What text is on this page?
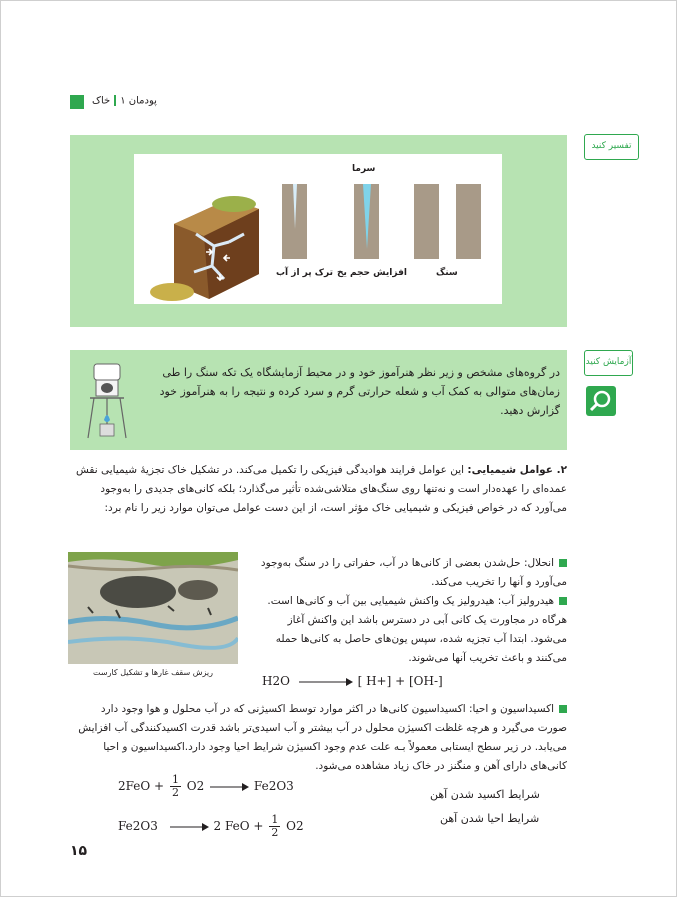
پودمان ۱خاک
تفسیر کنید
سرما
ترک پر از آب افزایش حجم یخ	سنگ
آزمایش کنید
در گروه‌های مشخص و زیر نظر هنرآموز خود و در محیط آزمایشگاه یک تکه سنگ را طی زمان‌های متوالی به کمک آب و شعله حرارتی گرم و سرد کرده و نتیجه را به هنرآموز خود گزارش دهید.
۲. عوامل شیمیایی: این عوامل فرایند هوادیدگی فیزیکی را تکمیل می‌کند. در تشکیل خاک تجزیهٔ شیمیایی نقش عمده‌ای را عهده‌دار است و نه‌تنها روی سنگ‌های متلاشی‌شده تأثیر می‌گذارد؛ بلکه کانی‌های جدیدی را به‌وجود می‌آورد که در خواص فیزیکی و شیمیایی خاک مؤثر است، از این دست عوامل می‌توان موارد زیر را نام برد:
ریزش سقف غارها و تشکیل کارست
انحلال: حل‌شدن بعضی از کانی‌ها در آب، حفراتی را در سنگ به‌وجود می‌آورد و آنها را تخریب می‌کند.
هیدرولیز آب: هیدرولیز یک واکنش شیمیایی بین آب و کانی‌ها است. هرگاه در مجاورت یک کانی آبی در دسترس باشد این واکنش آغاز می‌شود. ابتدا آب تجزیه شده، سپس یون‌های حاصل به کانی‌ها حمله می‌کنند و باعث تخریب آنها می‌شوند.
H2O	[ H+] + [OH-]
اکسیداسیون و احیا: اکسیداسیون کانی‌ها در اکثر موارد توسط اکسیژنی که در آب محلول و هوا وجود دارد صورت می‌گیرد و هرچه غلظت اکسیژن محلول در آب بیشتر و آب اسیدی‌تر باشد قدرت اکسیدکنندگی آب افزایش می‌یابد. در زیر سطح ایستابی معمولاً بـه علت عدم وجود اکسیژن شرایط احیا وجود دارد.اکسیداسیون و احیا کانی‌های دارای آهن و منگنز در خاک زیاد مشاهده می‌شود.
$2FeO + \frac{1}{2} O2$	Fe2O3
شرایط اکسید شدن آهن
Fe2O3	2 FeO + $\frac{1}{2} O2$
شرایط احیا شدن آهن
۱۵
